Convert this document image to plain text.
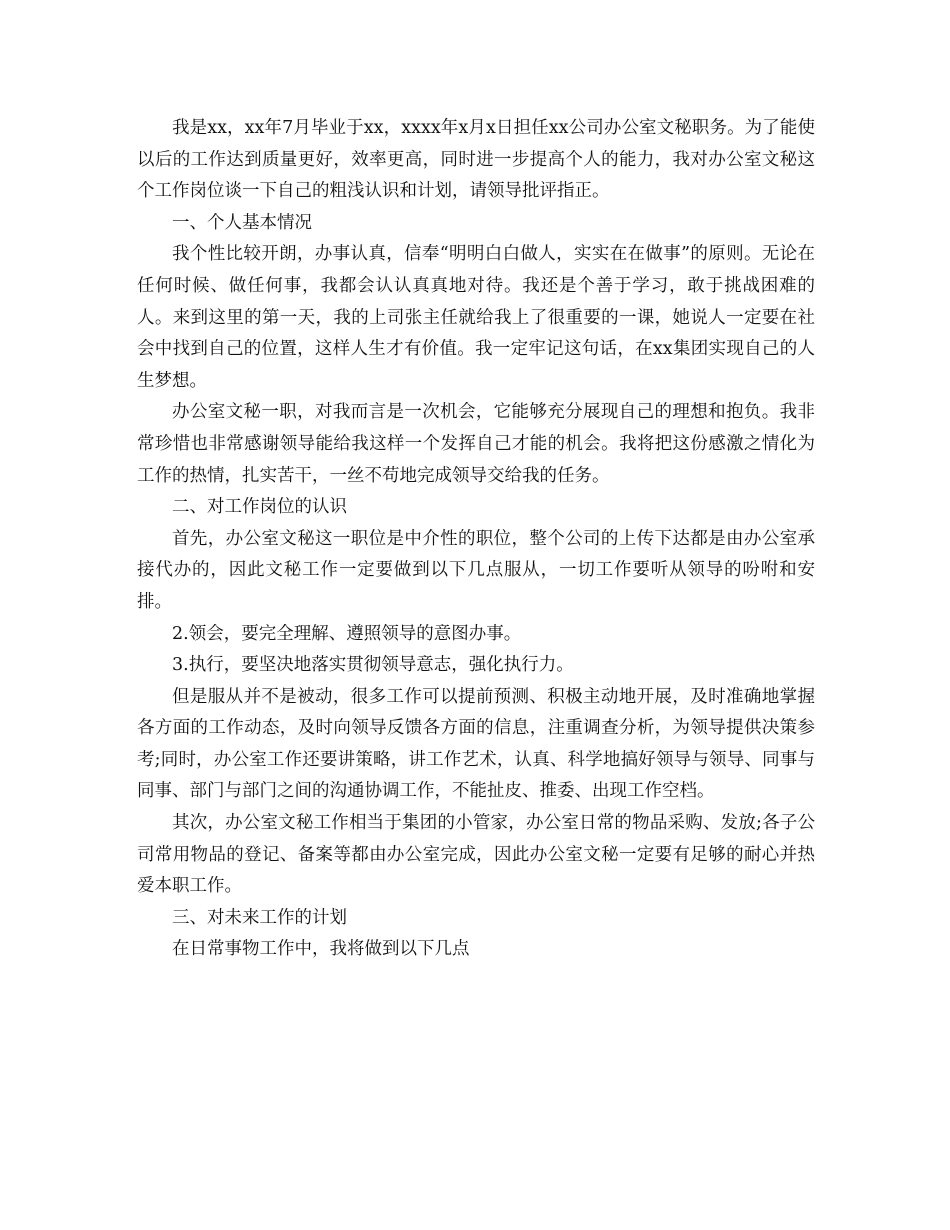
我是xx，xx年7月毕业于xx，xxxx年x月x日担任xx公司办公室文秘职务。为了能使以后的工作达到质量更好，效率更高，同时进一步提高个人的能力，我对办公室文秘这个工作岗位谈一下自己的粗浅认识和计划，请领导批评指正。

一、个人基本情况

我个性比较开朗，办事认真，信奉“明明白白做人，实实在在做事”的原则。无论在任何时候、做任何事，我都会认认真真地对待。我还是个善于学习，敢于挑战困难的人。来到这里的第一天，我的上司张主任就给我上了很重要的一课，她说人一定要在社会中找到自己的位置，这样人生才有价值。我一定牢记这句话，在xx集团实现自己的人生梦想。

办公室文秘一职，对我而言是一次机会，它能够充分展现自己的理想和抱负。我非常珍惜也非常感谢领导能给我这样一个发挥自己才能的机会。我将把这份感激之情化为工作的热情，扎实苦干，一丝不苟地完成领导交给我的任务。

二、对工作岗位的认识

首先，办公室文秘这一职位是中介性的职位，整个公司的上传下达都是由办公室承接代办的，因此文秘工作一定要做到以下几点服从，一切工作要听从领导的吩咐和安排。

2.领会，要完全理解、遵照领导的意图办事。

3.执行，要坚决地落实贯彻领导意志，强化执行力。

但是服从并不是被动，很多工作可以提前预测、积极主动地开展，及时准确地掌握各方面的工作动态，及时向领导反馈各方面的信息，注重调查分析，为领导提供决策参考;同时，办公室工作还要讲策略，讲工作艺术，认真、科学地搞好领导与领导、同事与同事、部门与部门之间的沟通协调工作，不能扯皮、推委、出现工作空档。

其次，办公室文秘工作相当于集团的小管家，办公室日常的物品采购、发放;各子公司常用物品的登记、备案等都由办公室完成，因此办公室文秘一定要有足够的耐心并热爱本职工作。

三、对未来工作的计划

在日常事物工作中，我将做到以下几点
